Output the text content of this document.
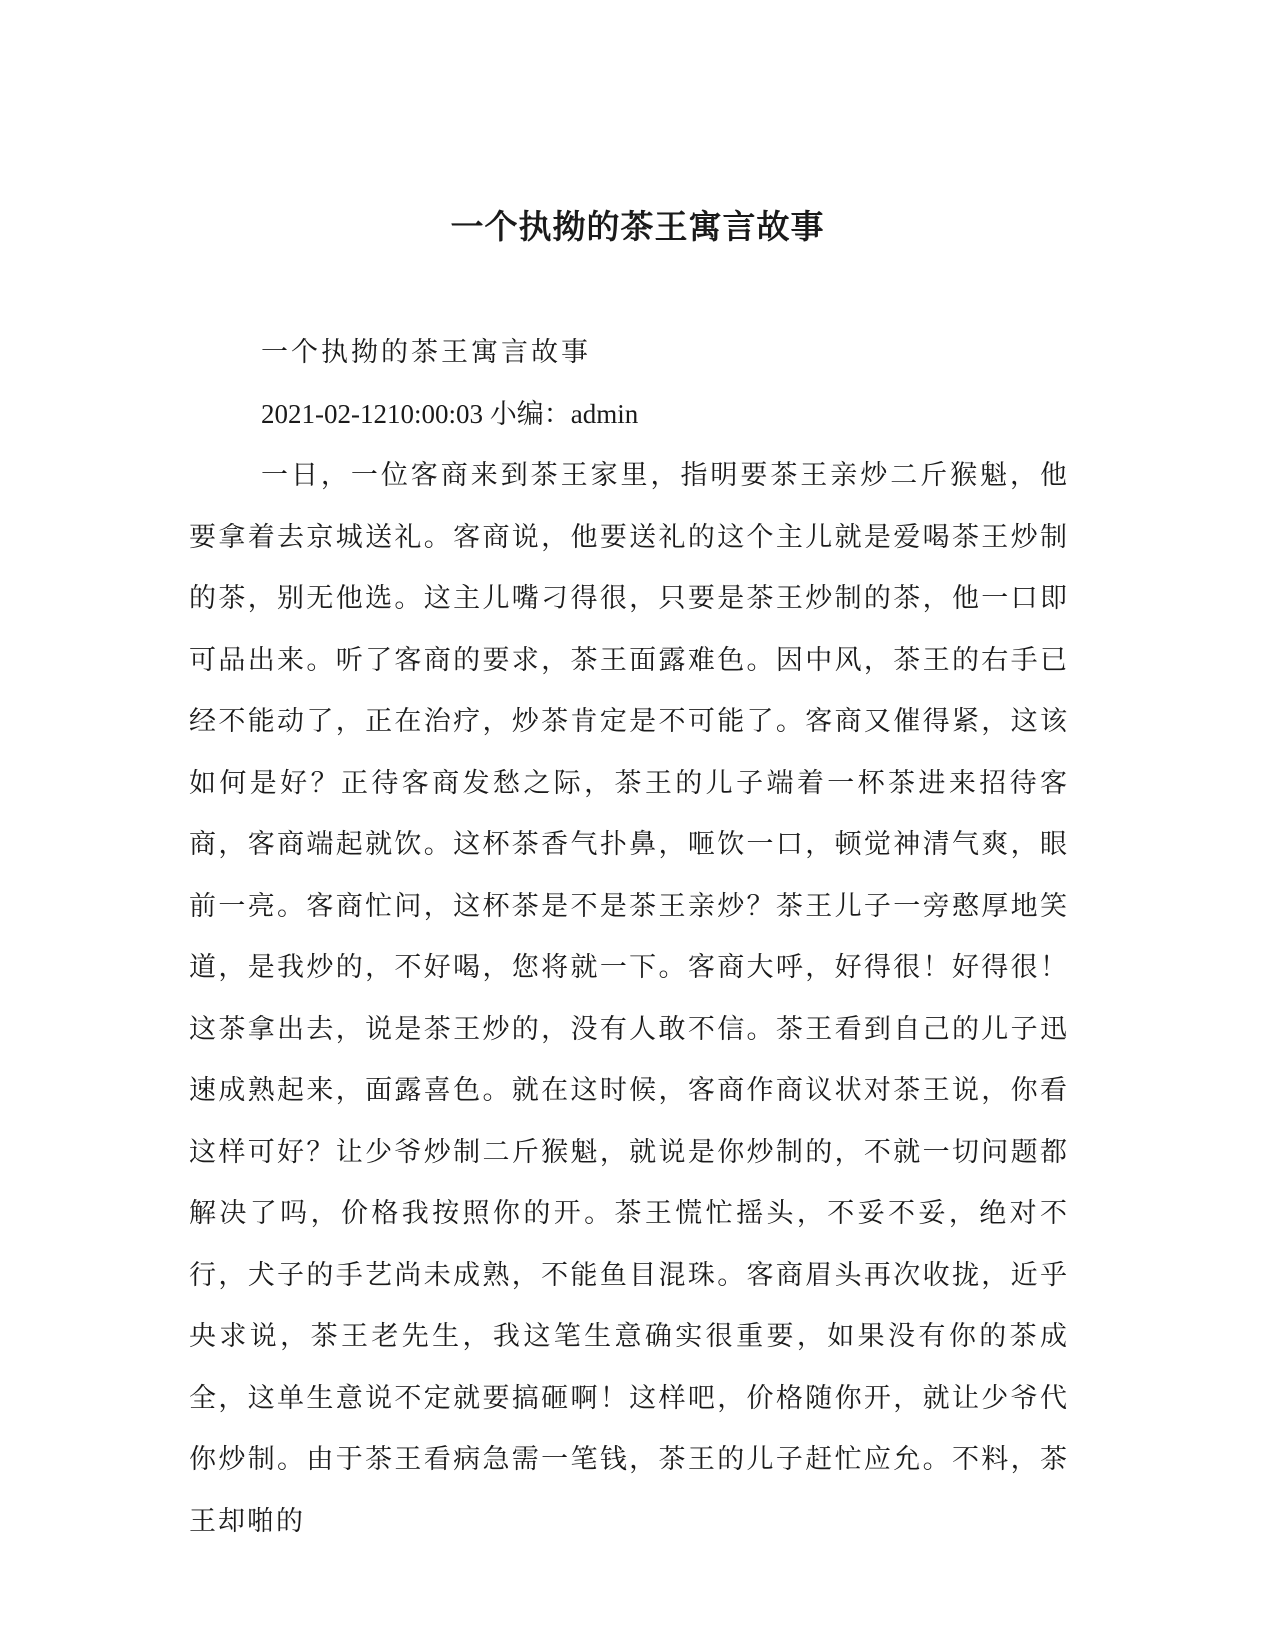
一个执拗的茶王寓言故事

一个执拗的茶王寓言故事

2021-02-1210:00:03 小编：admin

一日，一位客商来到茶王家里，指明要茶王亲炒二斤猴魁，他要拿着去京城送礼。客商说，他要送礼的这个主儿就是爱喝茶王炒制的茶，别无他选。这主儿嘴刁得很，只要是茶王炒制的茶，他一口即可品出来。听了客商的要求，茶王面露难色。因中风，茶王的右手已经不能动了，正在治疗，炒茶肯定是不可能了。客商又催得紧，这该如何是好？正待客商发愁之际，茶王的儿子端着一杯茶进来招待客商，客商端起就饮。这杯茶香气扑鼻，咂饮一口，顿觉神清气爽，眼前一亮。客商忙问，这杯茶是不是茶王亲炒？茶王儿子一旁憨厚地笑道，是我炒的，不好喝，您将就一下。客商大呼，好得很！好得很！这茶拿出去，说是茶王炒的，没有人敢不信。茶王看到自己的儿子迅速成熟起来，面露喜色。就在这时候，客商作商议状对茶王说，你看这样可好？让少爷炒制二斤猴魁，就说是你炒制的，不就一切问题都解决了吗，价格我按照你的开。茶王慌忙摇头，不妥不妥，绝对不行，犬子的手艺尚未成熟，不能鱼目混珠。客商眉头再次收拢，近乎央求说，茶王老先生，我这笔生意确实很重要，如果没有你的茶成全，这单生意说不定就要搞砸啊！这样吧，价格随你开，就让少爷代你炒制。由于茶王看病急需一笔钱，茶王的儿子赶忙应允。不料，茶王却啪的
